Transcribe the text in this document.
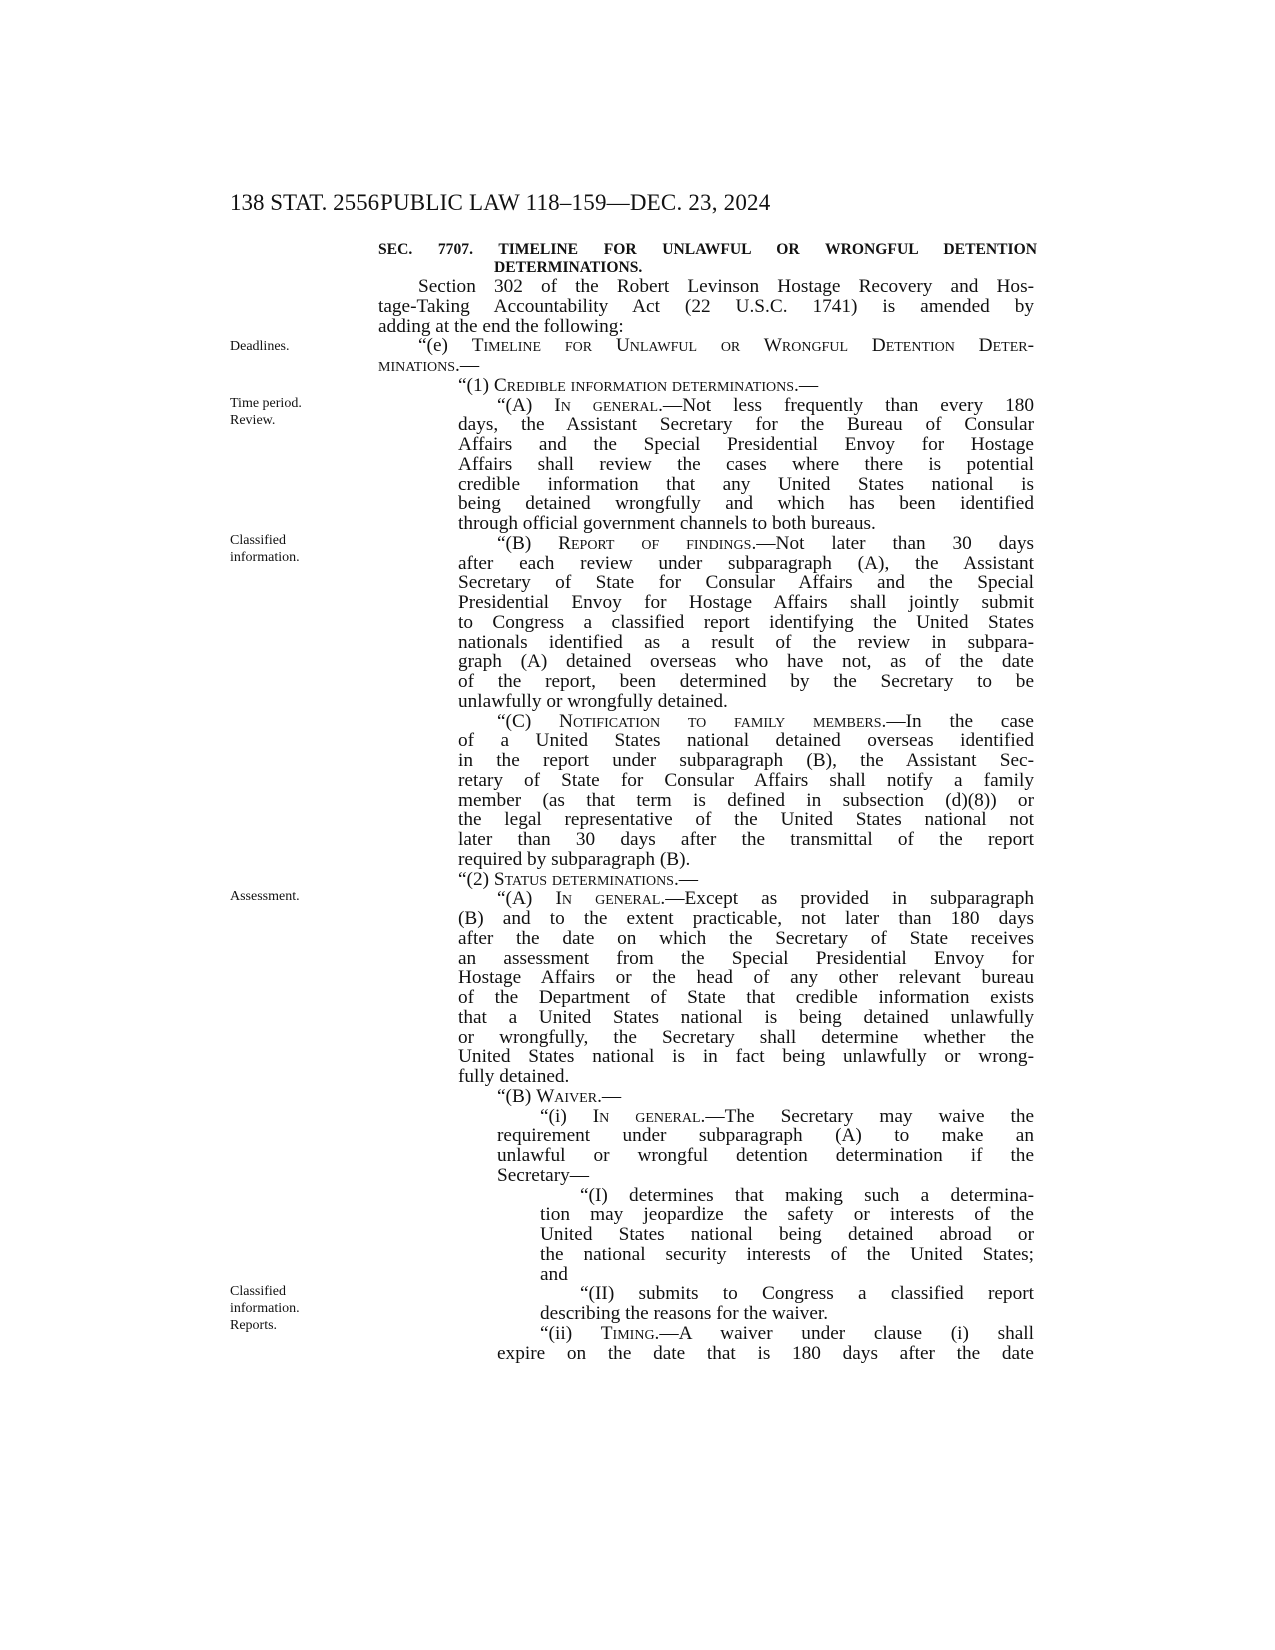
138 STAT. 2556 PUBLIC LAW 118–159—DEC. 23, 2024
SEC. 7707. TIMELINE FOR UNLAWFUL OR WRONGFUL DETENTION
DETERMINATIONS.
Deadlines.
Time period.
Review.
Classified
information.
Assessment.
Classified
information.
Reports.
Section 302 of the Robert Levinson Hostage Recovery and Hos-
tage-Taking Accountability Act (22 U.S.C. 1741) is amended by
adding at the end the following:
“(e) Timeline for Unlawful or Wrongful Detention Deter-
minations.—
“(1) Credible information determinations.—
“(A) In general.—Not less frequently than every 180
days, the Assistant Secretary for the Bureau of Consular
Affairs and the Special Presidential Envoy for Hostage
Affairs shall review the cases where there is potential
credible information that any United States national is
being detained wrongfully and which has been identified
through official government channels to both bureaus.
“(B) Report of findings.—Not later than 30 days
after each review under subparagraph (A), the Assistant
Secretary of State for Consular Affairs and the Special
Presidential Envoy for Hostage Affairs shall jointly submit
to Congress a classified report identifying the United States
nationals identified as a result of the review in subpara-
graph (A) detained overseas who have not, as of the date
of the report, been determined by the Secretary to be
unlawfully or wrongfully detained.
“(C) Notification to family members.—In the case
of a United States national detained overseas identified
in the report under subparagraph (B), the Assistant Sec-
retary of State for Consular Affairs shall notify a family
member (as that term is defined in subsection (d)(8)) or
the legal representative of the United States national not
later than 30 days after the transmittal of the report
required by subparagraph (B).
“(2) Status determinations.—
“(A) In general.—Except as provided in subparagraph
(B) and to the extent practicable, not later than 180 days
after the date on which the Secretary of State receives
an assessment from the Special Presidential Envoy for
Hostage Affairs or the head of any other relevant bureau
of the Department of State that credible information exists
that a United States national is being detained unlawfully
or wrongfully, the Secretary shall determine whether the
United States national is in fact being unlawfully or wrong-
fully detained.
“(B) Waiver.—
“(i) In general.—The Secretary may waive the
requirement under subparagraph (A) to make an
unlawful or wrongful detention determination if the
Secretary—
“(I) determines that making such a determina-
tion may jeopardize the safety or interests of the
United States national being detained abroad or
the national security interests of the United States;
and
“(II) submits to Congress a classified report
describing the reasons for the waiver.
“(ii) Timing.—A waiver under clause (i) shall
expire on the date that is 180 days after the date
